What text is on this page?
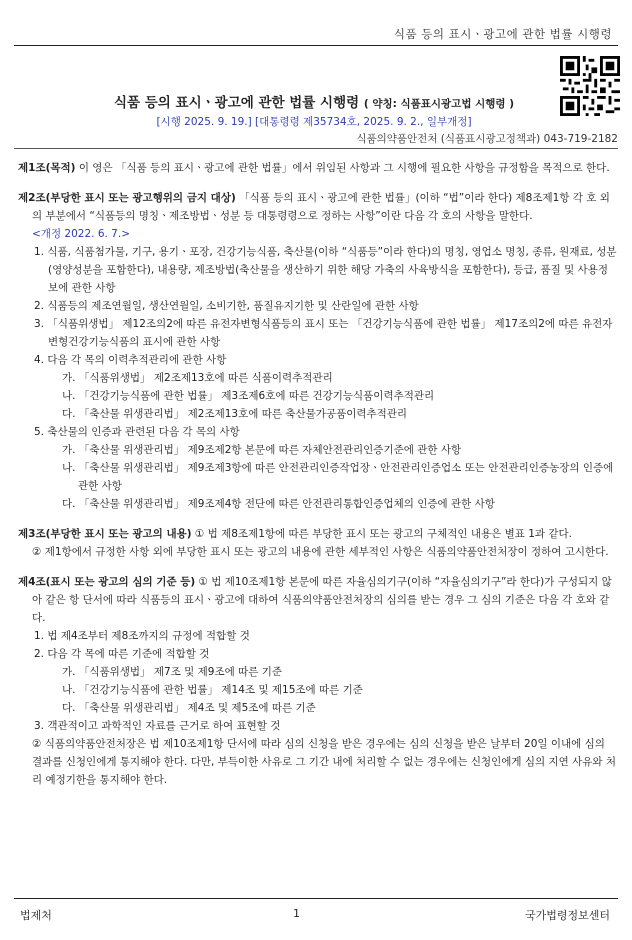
식품 등의 표시ㆍ광고에 관한 법률 시행령
식품 등의 표시ㆍ광고에 관한 법률 시행령 ( 약칭: 식품표시광고법 시행령 )
[시행 2025. 9. 19.] [대통령령 제35734호, 2025. 9. 2., 일부개정]
식품의약품안전처 (식품표시광고정책과) 043-719-2182

제1조(목적) 이 영은 「식품 등의 표시ㆍ광고에 관한 법률」에서 위임된 사항과 그 시행에 필요한 사항을 규정함을 목적으로 한다.

제2조(부당한 표시 또는 광고행위의 금지 대상) 「식품 등의 표시ㆍ광고에 관한 법률」(이하 “법”이라 한다) 제8조제1항 각 호 외의 부분에서 “식품등의 명칭ㆍ제조방법ㆍ성분 등 대통령령으로 정하는 사항”이란 다음 각 호의 사항을 말한다.

<개정 2022. 6. 7.>
1. 식품, 식품첨가물, 기구, 용기ㆍ포장, 건강기능식품, 축산물(이하 “식품등”이라 한다)의 명칭, 영업소 명칭, 종류, 원재료, 성분(영양성분을 포함한다), 내용량, 제조방법(축산물을 생산하기 위한 해당 가축의 사육방식을 포함한다), 등급, 품질 및 사용정보에 관한 사항
2. 식품등의 제조연월일, 생산연월일, 소비기한, 품질유지기한 및 산란일에 관한 사항
3. 「식품위생법」 제12조의2에 따른 유전자변형식품등의 표시 또는 「건강기능식품에 관한 법률」 제17조의2에 따른 유전자변형건강기능식품의 표시에 관한 사항
4. 다음 각 목의 이력추적관리에 관한 사항
가. 「식품위생법」 제2조제13호에 따른 식품이력추적관리
나. 「건강기능식품에 관한 법률」 제3조제6호에 따른 건강기능식품이력추적관리
다. 「축산물 위생관리법」 제2조제13호에 따른 축산물가공품이력추적관리
5. 축산물의 인증과 관련된 다음 각 목의 사항
가. 「축산물 위생관리법」 제9조제2항 본문에 따른 자체안전관리인증기준에 관한 사항
나. 「축산물 위생관리법」 제9조제3항에 따른 안전관리인증작업장ㆍ안전관리인증업소 또는 안전관리인증농장의 인증에 관한 사항
다. 「축산물 위생관리법」 제9조제4항 전단에 따른 안전관리통합인증업체의 인증에 관한 사항

제3조(부당한 표시 또는 광고의 내용) ① 법 제8조제1항에 따른 부당한 표시 또는 광고의 구체적인 내용은 별표 1과 같다.

② 제1항에서 규정한 사항 외에 부당한 표시 또는 광고의 내용에 관한 세부적인 사항은 식품의약품안전처장이 정하여 고시한다.

제4조(표시 또는 광고의 심의 기준 등) ① 법 제10조제1항 본문에 따른 자율심의기구(이하 “자율심의기구”라 한다)가 구성되지 않아 같은 항 단서에 따라 식품등의 표시ㆍ광고에 대하여 식품의약품안전처장의 심의를 받는 경우 그 심의 기준은 다음 각 호와 같다.

1. 법 제4조부터 제8조까지의 규정에 적합할 것
2. 다음 각 목에 따른 기준에 적합할 것
가. 「식품위생법」 제7조 및 제9조에 따른 기준
나. 「건강기능식품에 관한 법률」 제14조 및 제15조에 따른 기준
다. 「축산물 위생관리법」 제4조 및 제5조에 따른 기준
3. 객관적이고 과학적인 자료를 근거로 하여 표현할 것
② 식품의약품안전처장은 법 제10조제1항 단서에 따라 심의 신청을 받은 경우에는 심의 신청을 받은 날부터 20일 이내에 심의 결과를 신청인에게 통지해야 한다. 다만, 부득이한 사유로 그 기간 내에 처리할 수 없는 경우에는 신청인에게 심의 지연 사유와 처리 예정기한을 통지해야 한다.
법제처	1	국가법령정보센터
